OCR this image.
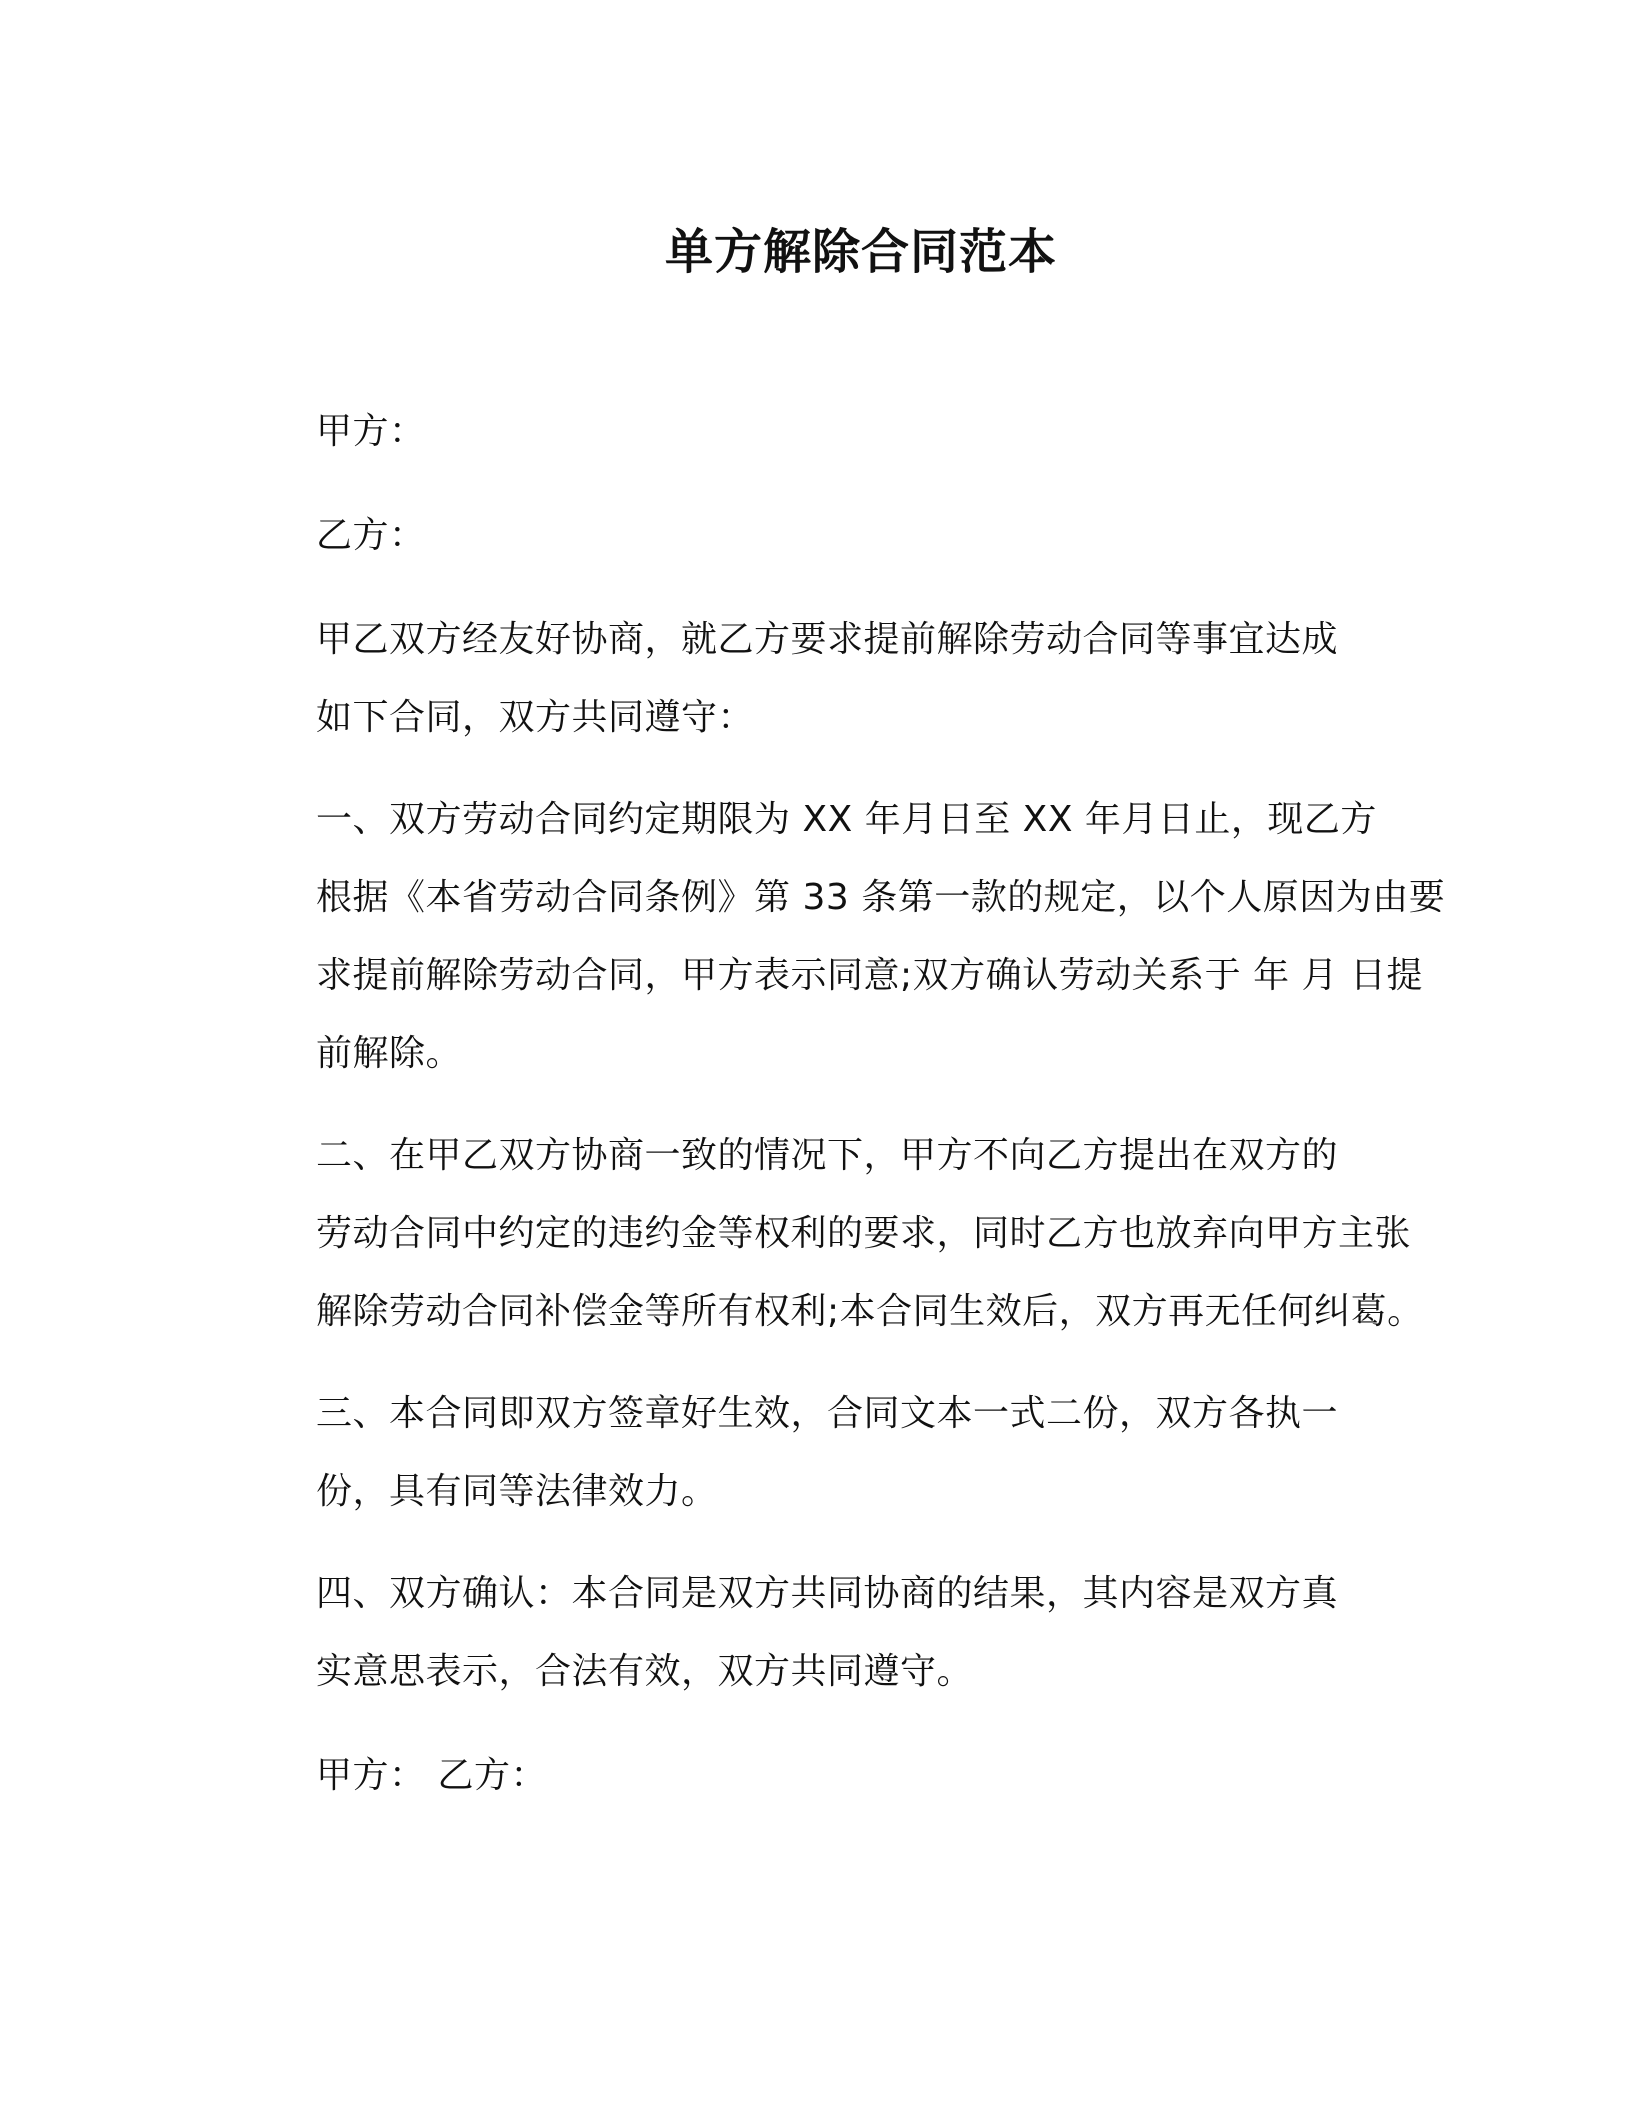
单方解除合同范本

甲方：

乙方：

甲乙双方经友好协商，就乙方要求提前解除劳动合同等事宜达成
如下合同，双方共同遵守：

一、双方劳动合同约定期限为 XX 年月日至 XX 年月日止，现乙方
根据《本省劳动合同条例》第 33 条第一款的规定，以个人原因为由要
求提前解除劳动合同，甲方表示同意;双方确认劳动关系于 年 月 日提
前解除。

二、在甲乙双方协商一致的情况下，甲方不向乙方提出在双方的
劳动合同中约定的违约金等权利的要求，同时乙方也放弃向甲方主张
解除劳动合同补偿金等所有权利;本合同生效后，双方再无任何纠葛。

三、本合同即双方签章好生效，合同文本一式二份，双方各执一
份，具有同等法律效力。

四、双方确认：本合同是双方共同协商的结果，其内容是双方真
实意思表示，合法有效，双方共同遵守。

甲方： 乙方：
